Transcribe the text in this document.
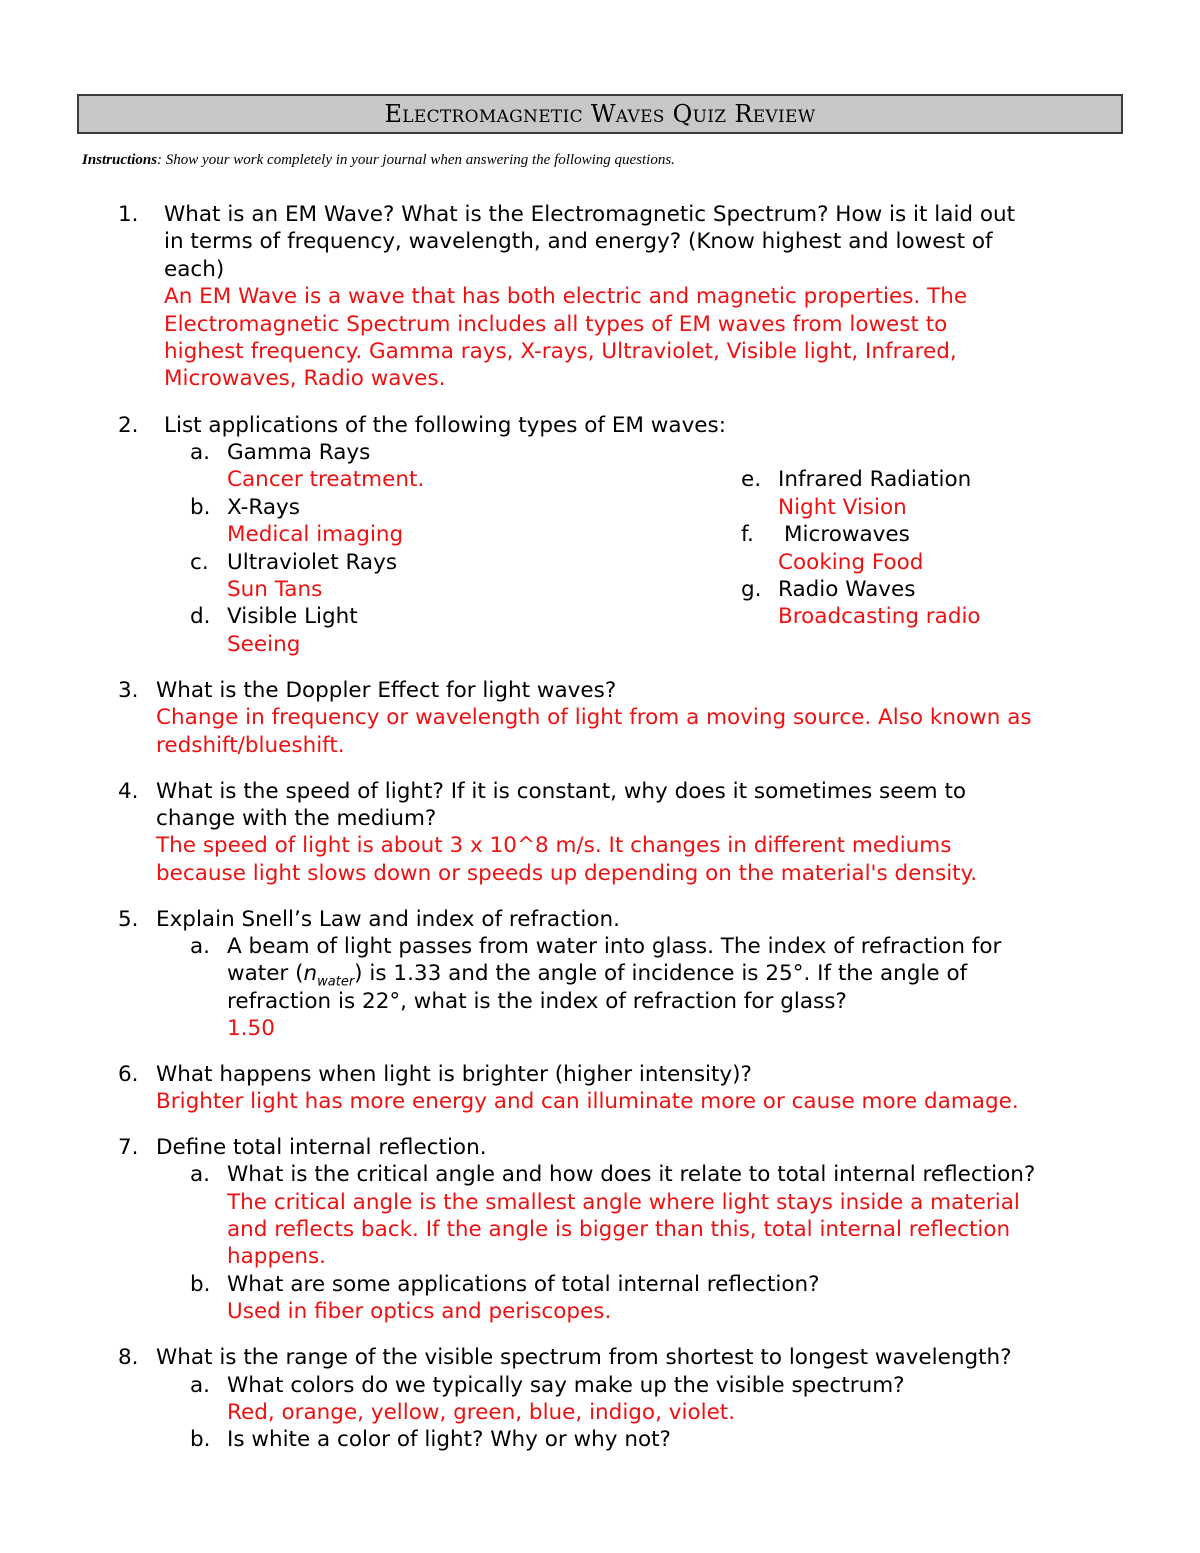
Electromagnetic Waves Quiz Review
Instructions: Show your work completely in your journal when answering the following questions.
1. What is an EM Wave? What is the Electromagnetic Spectrum? How is it laid out
in terms of frequency, wavelength, and energy? (Know highest and lowest of
each)
An EM Wave is a wave that has both electric and magnetic properties. The
Electromagnetic Spectrum includes all types of EM waves from lowest to
highest frequency. Gamma rays, X-rays, Ultraviolet, Visible light, Infrared,
Microwaves, Radio waves.
2. List applications of the following types of EM waves:
a. Gamma Rays
Cancer treatment.
b. X-Rays
Medical imaging
c. Ultraviolet Rays
Sun Tans
d. Visible Light
Seeing
e. Infrared Radiation
Night Vision
f. Microwaves
Cooking Food
g. Radio Waves
Broadcasting radio
3. What is the Doppler Effect for light waves?
Change in frequency or wavelength of light from a moving source. Also known as
redshift/blueshift.
4. What is the speed of light? If it is constant, why does it sometimes seem to
change with the medium?
The speed of light is about 3 x 10^8 m/s. It changes in different mediums
because light slows down or speeds up depending on the material's density.
5. Explain Snell’s Law and index of refraction.
a. A beam of light passes from water into glass. The index of refraction for
water $(n_{water})$ is 1.33 and the angle of incidence is 25°. If the angle of
refraction is 22°, what is the index of refraction for glass?
1.50
6. What happens when light is brighter (higher intensity)?
Brighter light has more energy and can illuminate more or cause more damage.
7. Define total internal reflection.
a. What is the critical angle and how does it relate to total internal reflection?
The critical angle is the smallest angle where light stays inside a material
and reflects back. If the angle is bigger than this, total internal reflection
happens.
b. What are some applications of total internal reflection?
Used in fiber optics and periscopes.
8. What is the range of the visible spectrum from shortest to longest wavelength?
a. What colors do we typically say make up the visible spectrum?
Red, orange, yellow, green, blue, indigo, violet.
b. Is white a color of light? Why or why not?
